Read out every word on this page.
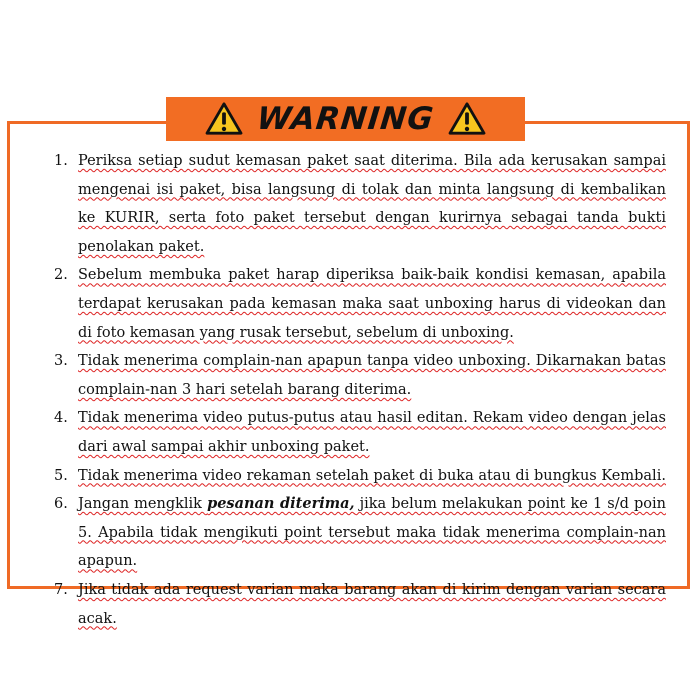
WARNING
1. Periksa setiap sudut kemasan paket saat diterima. Bila ada kerusakan sampai mengenai isi paket, bisa langsung di tolak dan minta langsung di kembalikan ke KURIR, serta foto paket tersebut dengan kurirnya sebagai tanda bukti penolakan paket.
2. Sebelum membuka paket harap diperiksa baik-baik kondisi kemasan, apabila terdapat kerusakan pada kemasan maka saat unboxing harus di videokan dan di foto kemasan yang rusak tersebut, sebelum di unboxing.
3. Tidak menerima complain-nan apapun tanpa video unboxing. Dikarnakan batas complain-nan 3 hari setelah barang diterima.
4. Tidak menerima video putus-putus atau hasil editan. Rekam video dengan jelas dari awal sampai akhir unboxing paket.
5. Tidak menerima video rekaman setelah paket di buka atau di bungkus Kembali.
6. Jangan mengklik pesanan diterima, jika belum melakukan point ke 1 s/d poin 5. Apabila tidak mengikuti point tersebut maka tidak menerima complain-nan apapun.
7. Jika tidak ada request varian maka barang akan di kirim dengan varian secara acak.
